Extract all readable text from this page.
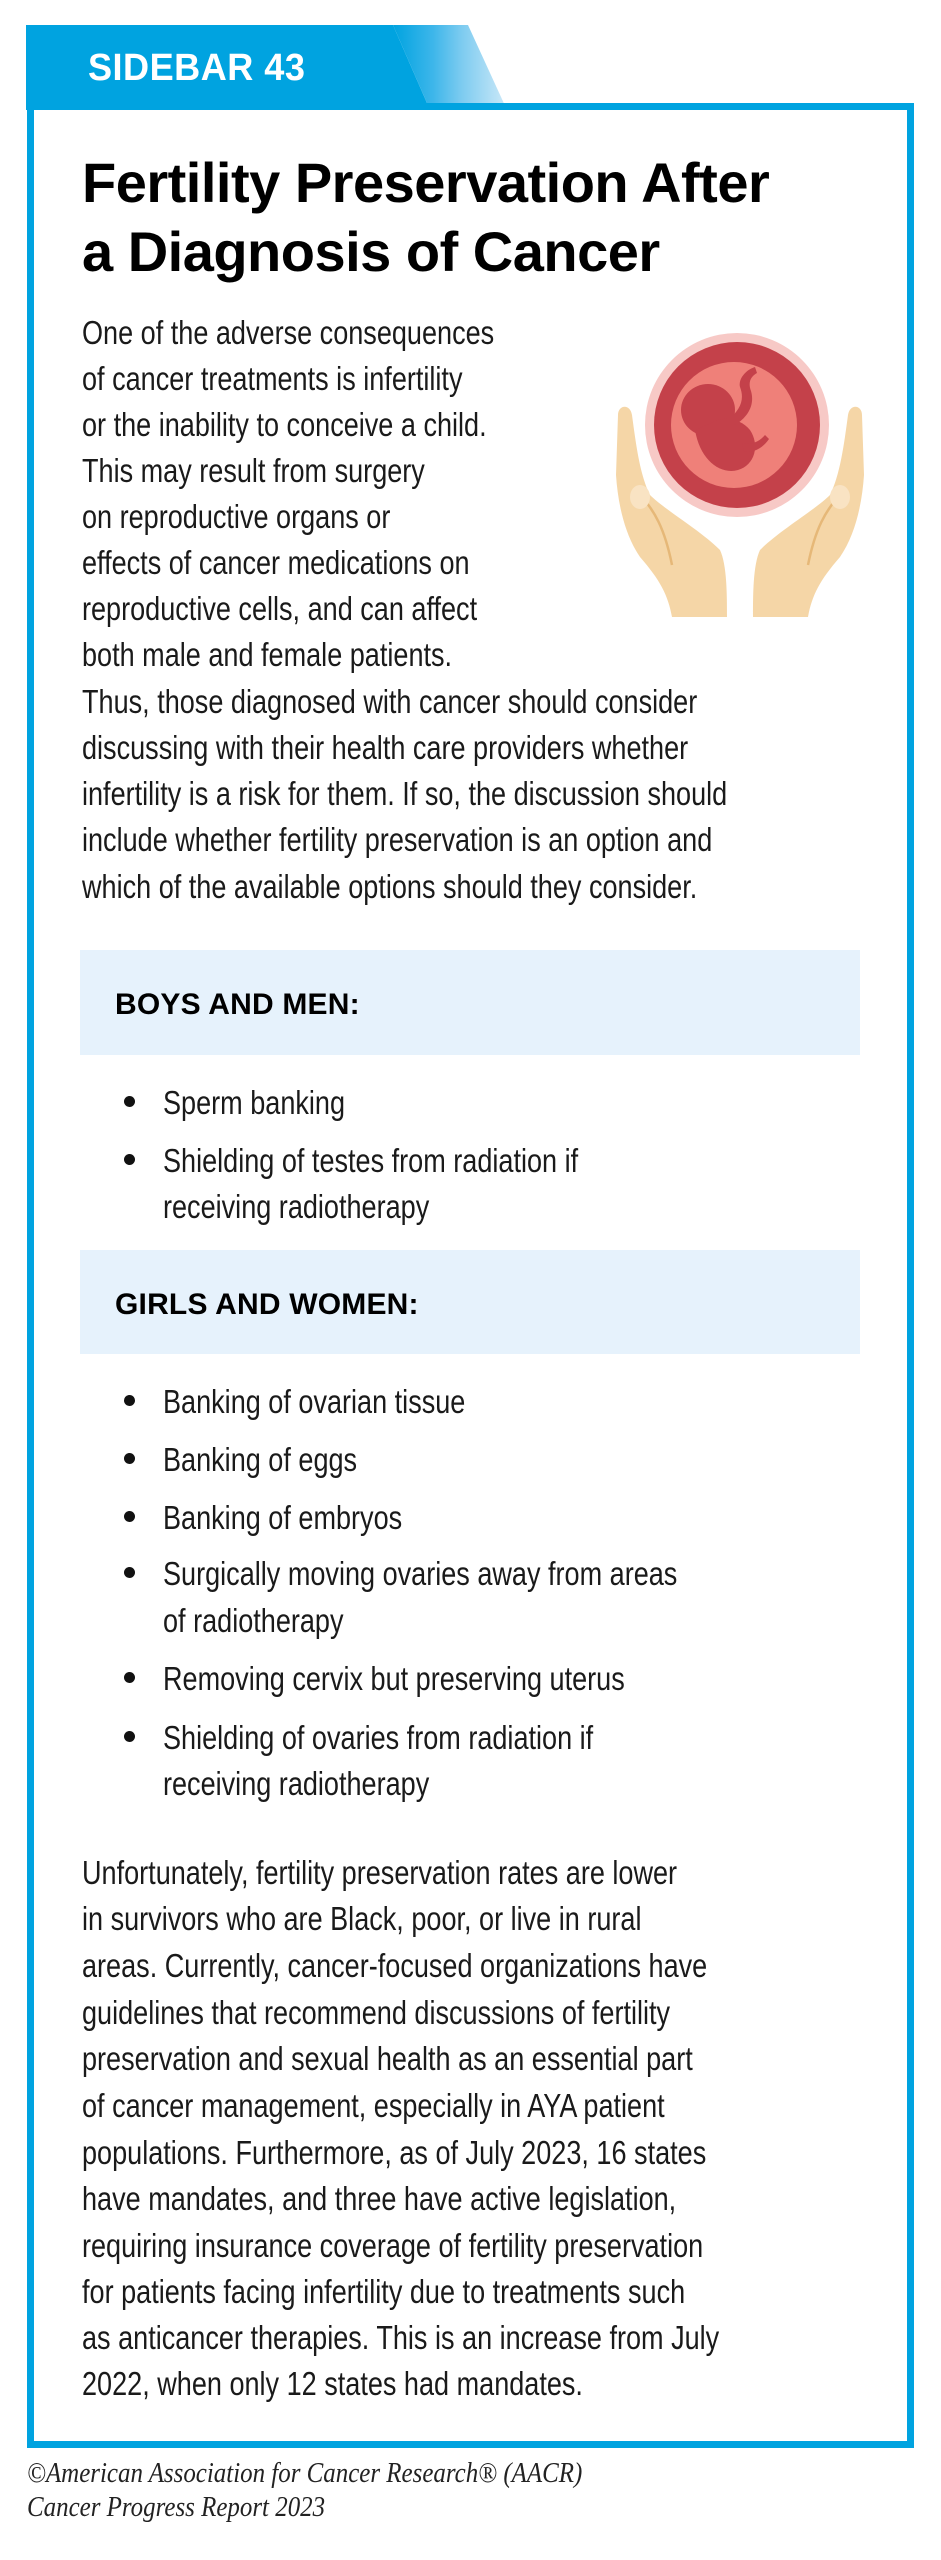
SIDEBAR 43
Fertility Preservation After
a Diagnosis of Cancer
One of the adverse consequences
of cancer treatments is infertility
or the inability to conceive a child.
This may result from surgery
on reproductive organs or
effects of cancer medications on
reproductive cells, and can affect
both male and female patients.
Thus, those diagnosed with cancer should consider
discussing with their health care providers whether
infertility is a risk for them. If so, the discussion should
include whether fertility preservation is an option and
which of the available options should they consider.
BOYS AND MEN:
Sperm banking
Shielding of testes from radiation if
receiving radiotherapy
GIRLS AND WOMEN:
Banking of ovarian tissue
Banking of eggs
Banking of embryos
Surgically moving ovaries away from areas
of radiotherapy
Removing cervix but preserving uterus
Shielding of ovaries from radiation if
receiving radiotherapy
Unfortunately, fertility preservation rates are lower
in survivors who are Black, poor, or live in rural
areas. Currently, cancer-focused organizations have
guidelines that recommend discussions of fertility
preservation and sexual health as an essential part
of cancer management, especially in AYA patient
populations. Furthermore, as of July 2023, 16 states
have mandates, and three have active legislation,
requiring insurance coverage of fertility preservation
for patients facing infertility due to treatments such
as anticancer therapies. This is an increase from July
2022, when only 12 states had mandates.
©American Association for Cancer Research® (AACR)
Cancer Progress Report 2023
